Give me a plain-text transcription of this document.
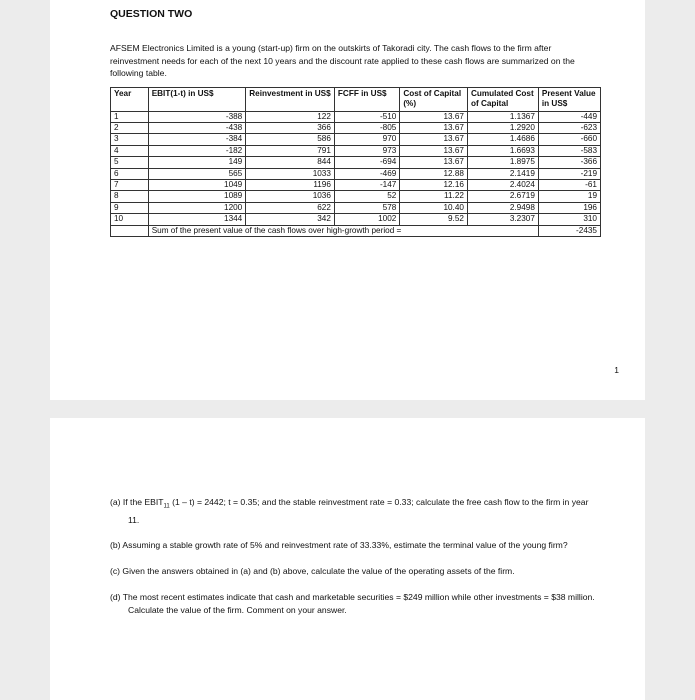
QUESTION TWO

AFSEM Electronics Limited is a young (start-up) firm on the outskirts of Takoradi city. The cash flows to the firm after reinvestment needs for each of the next 10 years and the discount rate applied to these cash flows are summarized on the following table.

Year	EBIT(1-t) in US$	Reinvestment in US$	FCFF in US$	Cost of Capital (%)	Cumulated Cost of Capital	Present Value in US$
1	-388	122	-510	13.67	1.1367	-449
2	-438	366	-805	13.67	1.2920	-623
3	-384	586	970	13.67	1.4686	-660
4	-182	791	973	13.67	1.6693	-583
5	149	844	-694	13.67	1.8975	-366
6	565	1033	-469	12.88	2.1419	-219
7	1049	1196	-147	12.16	2.4024	-61
8	1089	1036	52	11.22	2.6719	19
9	1200	622	578	10.40	2.9498	196
10	1344	342	1002	9.52	3.2307	310
	Sum of the present value of the cash flows over high-growth period =					-2435
1

(a) If the $EBIT_{11}$ (1 – t) = 2442; t = 0.35; and the stable reinvestment rate = 0.33; calculate the free cash flow to the firm in year 11.

(b) Assuming a stable growth rate of 5% and reinvestment rate of 33.33%, estimate the terminal value of the young firm?

(c) Given the answers obtained in (a) and (b) above, calculate the value of the operating assets of the firm.

(d) The most recent estimates indicate that cash and marketable securities = $249 million while other investments = $38 million. Calculate the value of the firm. Comment on your answer.
